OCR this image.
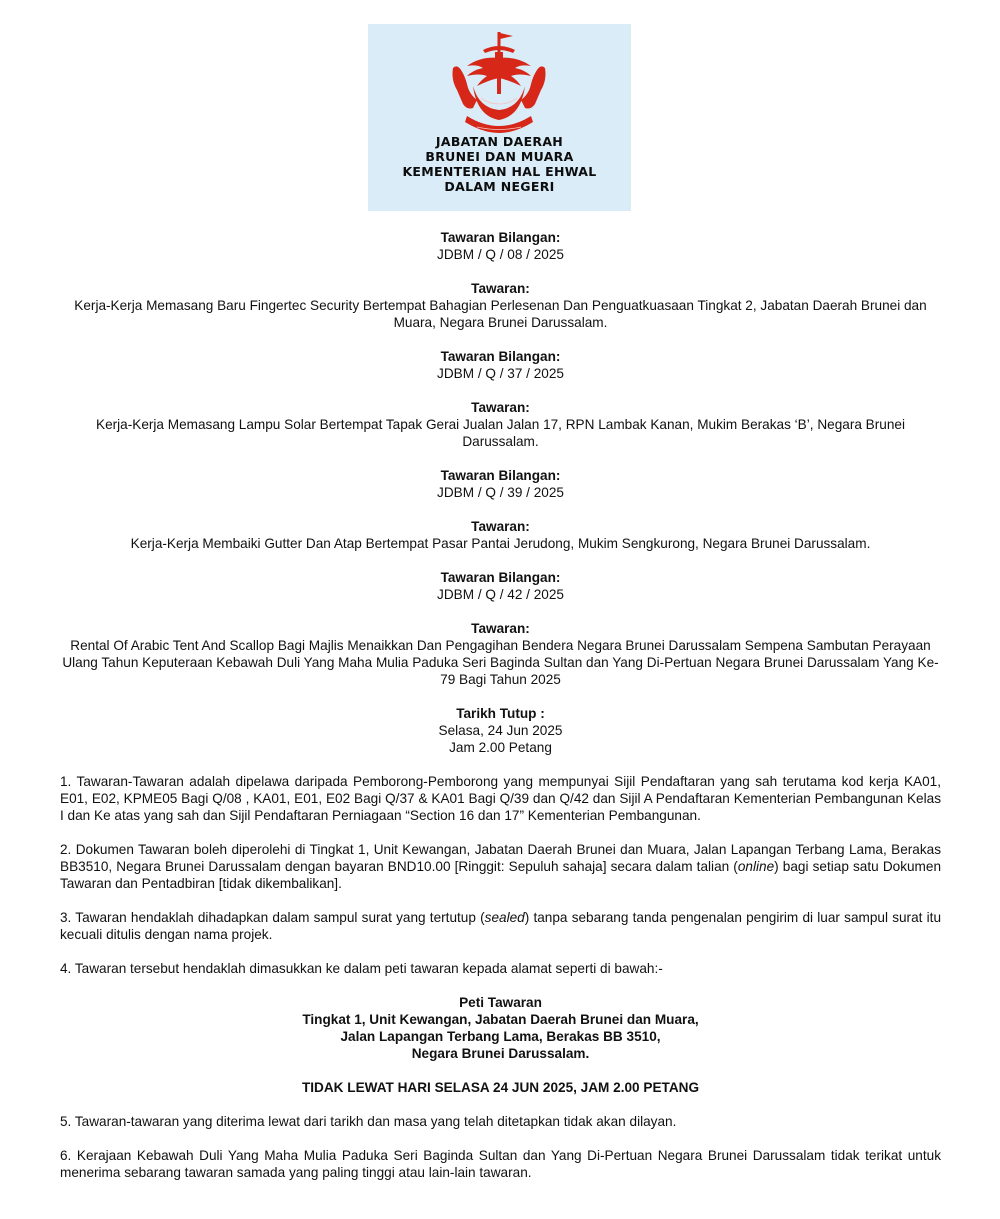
JABATAN DAERAH
BRUNEI DAN MUARA
KEMENTERIAN HAL EHWAL
DALAM NEGERI
Tawaran Bilangan:
JDBM / Q / 08 / 2025
Tawaran:
Kerja-Kerja Memasang Baru Fingertec Security Bertempat Bahagian Perlesenan Dan Penguatkuasaan Tingkat 2, Jabatan Daerah Brunei dan Muara, Negara Brunei Darussalam.
Tawaran Bilangan:
JDBM / Q / 37 / 2025
Tawaran:
Kerja-Kerja Memasang Lampu Solar Bertempat Tapak Gerai Jualan Jalan 17, RPN Lambak Kanan, Mukim Berakas ‘B’, Negara Brunei Darussalam.
Tawaran Bilangan:
JDBM / Q / 39 / 2025
Tawaran:
Kerja-Kerja Membaiki Gutter Dan Atap Bertempat Pasar Pantai Jerudong, Mukim Sengkurong, Negara Brunei Darussalam.
Tawaran Bilangan:
JDBM / Q / 42 / 2025
Tawaran:
Rental Of Arabic Tent And Scallop Bagi Majlis Menaikkan Dan Pengagihan Bendera Negara Brunei Darussalam Sempena Sambutan Perayaan Ulang Tahun Keputeraan Kebawah Duli Yang Maha Mulia Paduka Seri Baginda Sultan dan Yang Di-Pertuan Negara Brunei Darussalam Yang Ke-79 Bagi Tahun 2025
Tarikh Tutup :
Selasa, 24 Jun 2025
Jam 2.00 Petang
1. Tawaran-Tawaran adalah dipelawa daripada Pemborong-Pemborong yang mempunyai Sijil Pendaftaran yang sah terutama kod kerja KA01, E01, E02, KPME05 Bagi Q/08 , KA01, E01, E02 Bagi Q/37 & KA01 Bagi Q/39 dan Q/42 dan Sijil A Pendaftaran Kementerian Pembangunan Kelas I dan Ke atas yang sah dan Sijil Pendaftaran Perniagaan “Section 16 dan 17” Kementerian Pembangunan.
2. Dokumen Tawaran boleh diperolehi di Tingkat 1, Unit Kewangan, Jabatan Daerah Brunei dan Muara, Jalan Lapangan Terbang Lama, Berakas BB3510, Negara Brunei Darussalam dengan bayaran BND10.00 [Ringgit: Sepuluh sahaja] secara dalam talian (online) bagi setiap satu Dokumen Tawaran dan Pentadbiran [tidak dikembalikan].
3. Tawaran hendaklah dihadapkan dalam sampul surat yang tertutup (sealed) tanpa sebarang tanda pengenalan pengirim di luar sampul surat itu kecuali ditulis dengan nama projek.
4. Tawaran tersebut hendaklah dimasukkan ke dalam peti tawaran kepada alamat seperti di bawah:-
Peti Tawaran
Tingkat 1, Unit Kewangan, Jabatan Daerah Brunei dan Muara,
Jalan Lapangan Terbang Lama, Berakas BB 3510,
Negara Brunei Darussalam.
TIDAK LEWAT HARI SELASA 24 JUN 2025, JAM 2.00 PETANG
5. Tawaran-tawaran yang diterima lewat dari tarikh dan masa yang telah ditetapkan tidak akan dilayan.
6. Kerajaan Kebawah Duli Yang Maha Mulia Paduka Seri Baginda Sultan dan Yang Di-Pertuan Negara Brunei Darussalam tidak terikat untuk menerima sebarang tawaran samada yang paling tinggi atau lain-lain tawaran.
